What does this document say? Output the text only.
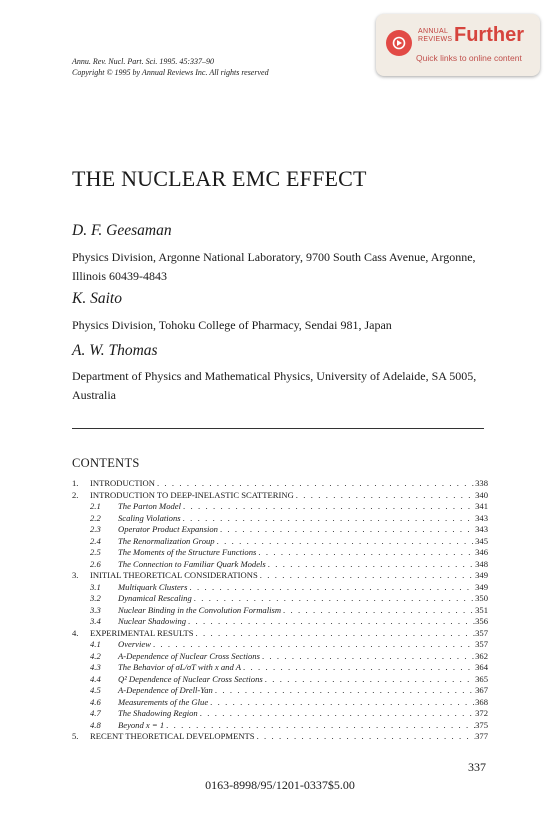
Annu. Rev. Nucl. Part. Sci. 1995. 45:337–90
Copyright © 1995 by Annual Reviews Inc. All rights reserved
ANNUAL
REVIEWS Further
Quick links to online content
THE NUCLEAR EMC EFFECT
D. F. Geesaman
Physics Division, Argonne National Laboratory, 9700 South Cass Avenue, Argonne, Illinois 60439-4843
K. Saito
Physics Division, Tohoku College of Pharmacy, Sendai 981, Japan
A. W. Thomas
Department of Physics and Mathematical Physics, University of Adelaide, SA 5005, Australia
CONTENTS
1.	INTRODUCTION . . .	338
2.	INTRODUCTION TO DEEP-INELASTIC SCATTERING . . .	340
2.1	The Parton Model . . .	341
2.2	Scaling Violations . . .	343
2.3	Operator Product Expansion . . .	343
2.4	The Renormalization Group . . .	345
2.5	The Moments of the Structure Functions . . .	346
2.6	The Connection to Familiar Quark Models . . .	348
3.	INITIAL THEORETICAL CONSIDERATIONS . . .	349
3.1	Multiquark Clusters . . .	349
3.2	Dynamical Rescaling . . .	350
3.3	Nuclear Binding in the Convolution Formalism . . .	351
3.4	Nuclear Shadowing . . .	356
4.	EXPERIMENTAL RESULTS . . .	357
4.1	Overview . . .	357
4.2	A-Dependence of Nuclear Cross Sections . . .	362
4.3	The Behavior of σL/σT with x and A . . .	364
4.4	Q² Dependence of Nuclear Cross Sections . . .	365
4.5	A-Dependence of Drell-Yan . . .	367
4.6	Measurements of the Glue . . .	368
4.7	The Shadowing Region . . .	372
4.8	Beyond x = 1 . . .	375
5.	RECENT THEORETICAL DEVELOPMENTS . . .	377
337
0163-8998/95/1201-0337$5.00
